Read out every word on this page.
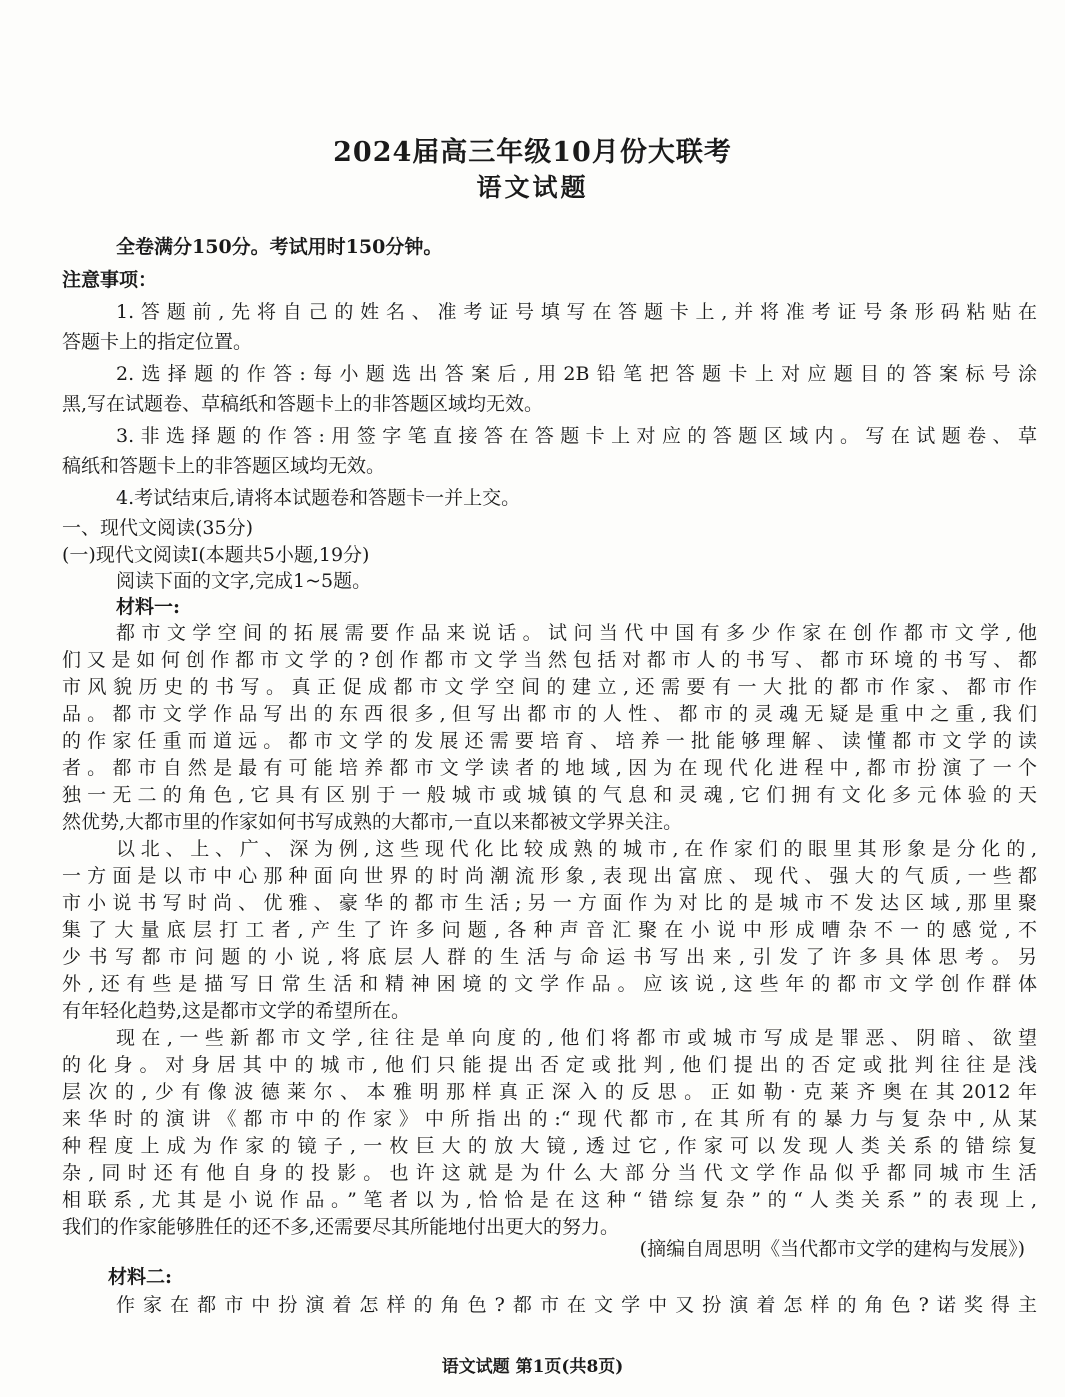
2024届高三年级10月份大联考
语文试题
全卷满分150分。考试用时150分钟。
注意事项：
1.答题前,先将自己的姓名、准考证号填写在答题卡上,并将准考证号条形码粘贴在
答题卡上的指定位置。
2.选择题的作答:每小题选出答案后,用2B铅笔把答题卡上对应题目的答案标号涂
黑,写在试题卷、草稿纸和答题卡上的非答题区域均无效。
3.非选择题的作答:用签字笔直接答在答题卡上对应的答题区域内。写在试题卷、草
稿纸和答题卡上的非答题区域均无效。
4.考试结束后,请将本试题卷和答题卡一并上交。
一、现代文阅读(35分)
(一)现代文阅读Ⅰ(本题共5小题,19分)
阅读下面的文字,完成1~5题。
材料一:
都市文学空间的拓展需要作品来说话。试问当代中国有多少作家在创作都市文学,他
们又是如何创作都市文学的?创作都市文学当然包括对都市人的书写、都市环境的书写、都
市风貌历史的书写。真正促成都市文学空间的建立,还需要有一大批的都市作家、都市作
品。都市文学作品写出的东西很多,但写出都市的人性、都市的灵魂无疑是重中之重,我们
的作家任重而道远。都市文学的发展还需要培育、培养一批能够理解、读懂都市文学的读
者。都市自然是最有可能培养都市文学读者的地域,因为在现代化进程中,都市扮演了一个
独一无二的角色,它具有区别于一般城市或城镇的气息和灵魂,它们拥有文化多元体验的天
然优势,大都市里的作家如何书写成熟的大都市,一直以来都被文学界关注。
以北、上、广、深为例,这些现代化比较成熟的城市,在作家们的眼里其形象是分化的,
一方面是以市中心那种面向世界的时尚潮流形象,表现出富庶、现代、强大的气质,一些都
市小说书写时尚、优雅、豪华的都市生活;另一方面作为对比的是城市不发达区域,那里聚
集了大量底层打工者,产生了许多问题,各种声音汇聚在小说中形成嘈杂不一的感觉,不
少书写都市问题的小说,将底层人群的生活与命运书写出来,引发了许多具体思考。另
外,还有些是描写日常生活和精神困境的文学作品。应该说,这些年的都市文学创作群体
有年轻化趋势,这是都市文学的希望所在。
现在,一些新都市文学,往往是单向度的,他们将都市或城市写成是罪恶、阴暗、欲望
的化身。对身居其中的城市,他们只能提出否定或批判,他们提出的否定或批判往往是浅
层次的,少有像波德莱尔、本雅明那样真正深入的反思。正如勒·克莱齐奥在其2012年
来华时的演讲《都市中的作家》中所指出的:“现代都市,在其所有的暴力与复杂中,从某
种程度上成为作家的镜子,一枚巨大的放大镜,透过它,作家可以发现人类关系的错综复
杂,同时还有他自身的投影。也许这就是为什么大部分当代文学作品似乎都同城市生活
相联系,尤其是小说作品。”笔者以为,恰恰是在这种“错综复杂”的“人类关系”的表现上,
我们的作家能够胜任的还不多,还需要尽其所能地付出更大的努力。
(摘编自周思明《当代都市文学的建构与发展》)
材料二:
作家在都市中扮演着怎样的角色?都市在文学中又扮演着怎样的角色?诺奖得主
语文试题 第1页(共8页)
